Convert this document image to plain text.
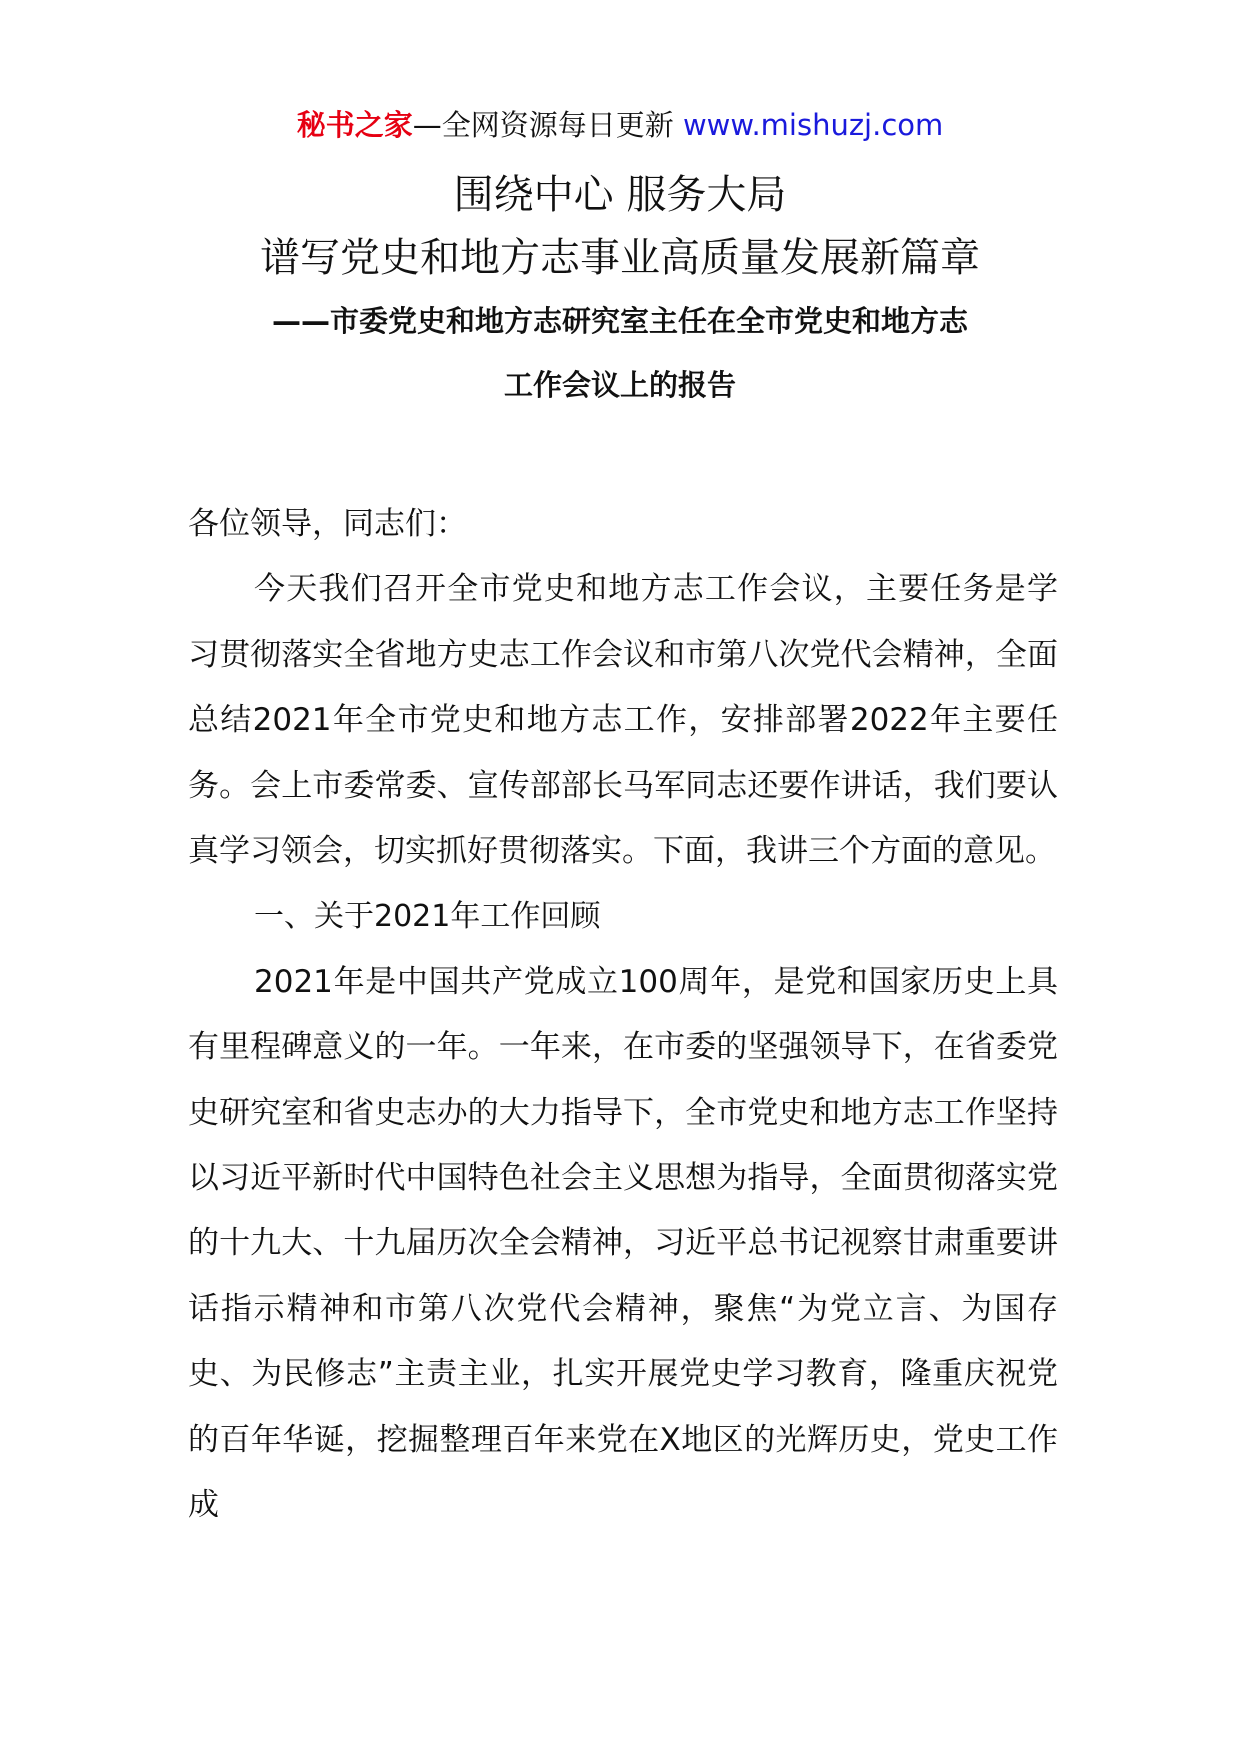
秘书之家—全网资源每日更新 www.mishuzj.com
围绕中心 服务大局
谱写党史和地方志事业高质量发展新篇章
——市委党史和地方志研究室主任在全市党史和地方志
工作会议上的报告

各位领导，同志们：

今天我们召开全市党史和地方志工作会议，主要任务是学习贯彻落实全省地方史志工作会议和市第八次党代会精神，全面总结2021年全市党史和地方志工作，安排部署2022年主要任务。会上市委常委、宣传部部长马军同志还要作讲话，我们要认真学习领会，切实抓好贯彻落实。下面，我讲三个方面的意见。

一、关于2021年工作回顾

2021年是中国共产党成立100周年，是党和国家历史上具有里程碑意义的一年。一年来，在市委的坚强领导下，在省委党史研究室和省史志办的大力指导下，全市党史和地方志工作坚持以习近平新时代中国特色社会主义思想为指导，全面贯彻落实党的十九大、十九届历次全会精神，习近平总书记视察甘肃重要讲话指示精神和市第八次党代会精神，聚焦“为党立言、为国存史、为民修志”主责主业，扎实开展党史学习教育，隆重庆祝党的百年华诞，挖掘整理百年来党在X地区的光辉历史，党史工作成
